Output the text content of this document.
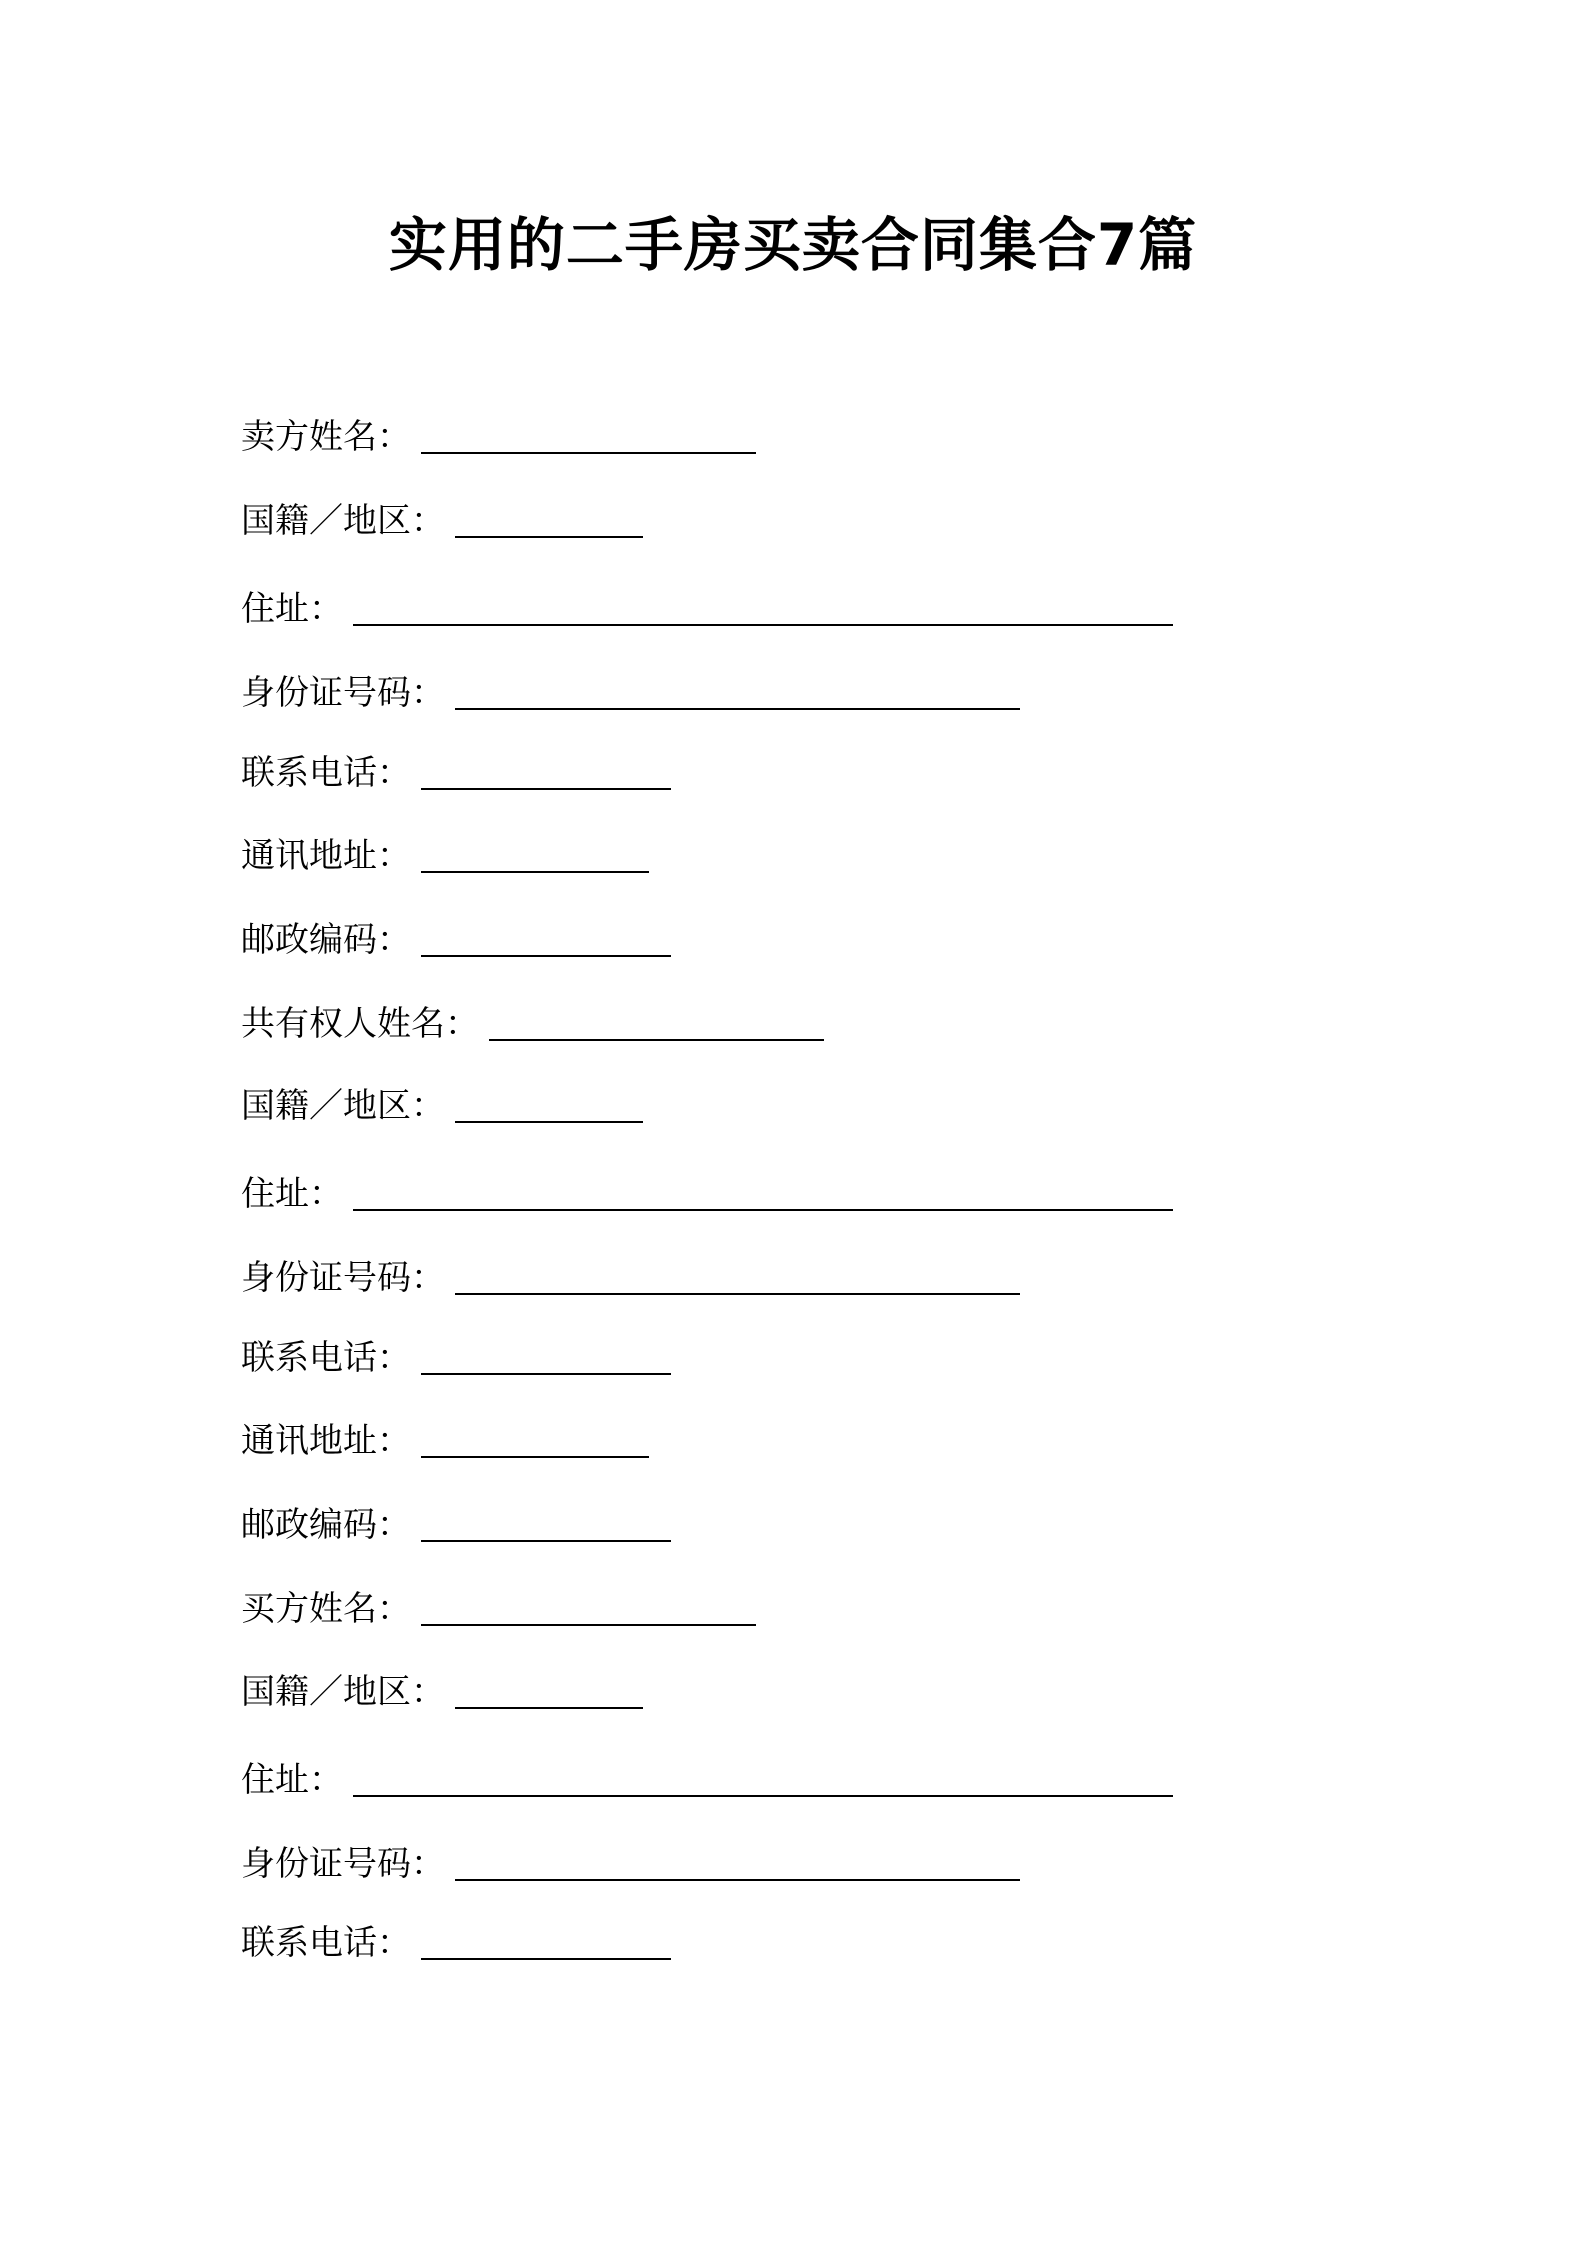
实用的二手房买卖合同集合7篇
卖方姓名：
国籍／地区：
住址：
身份证号码：
联系电话：
通讯地址：
邮政编码：
共有权人姓名：
国籍／地区：
住址：
身份证号码：
联系电话：
通讯地址：
邮政编码：
买方姓名：
国籍／地区：
住址：
身份证号码：
联系电话：
